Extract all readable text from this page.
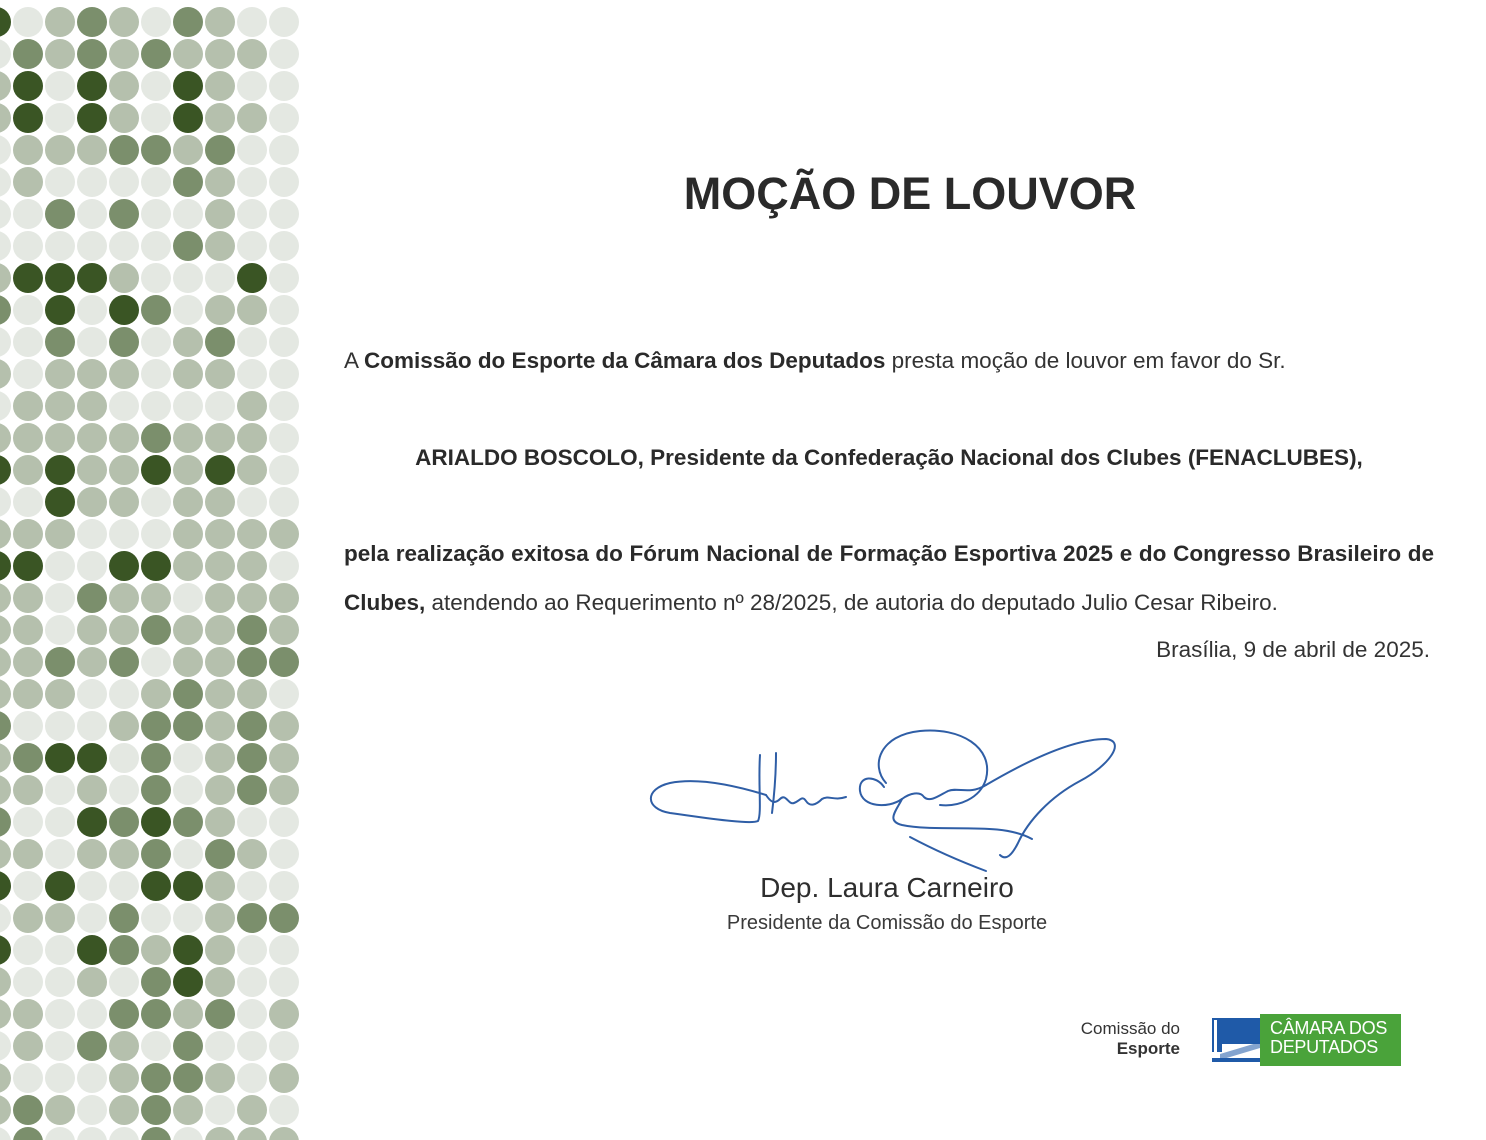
MOÇÃO DE LOUVOR

A Comissão do Esporte da Câmara dos Deputados presta moção de louvor em favor do Sr.

ARIALDO BOSCOLO, Presidente da Confederação Nacional dos Clubes (FENACLUBES),

pela realização exitosa do Fórum Nacional de Formação Esportiva 2025 e do Congresso Brasileiro de Clubes, atendendo ao Requerimento nº 28/2025, de autoria do deputado Julio Cesar Ribeiro.

Brasília, 9 de abril de 2025.
Dep. Laura Carneiro
Presidente da Comissão do Esporte
Comissão do
Esporte
CÂMARA DOS
DEPUTADOS
